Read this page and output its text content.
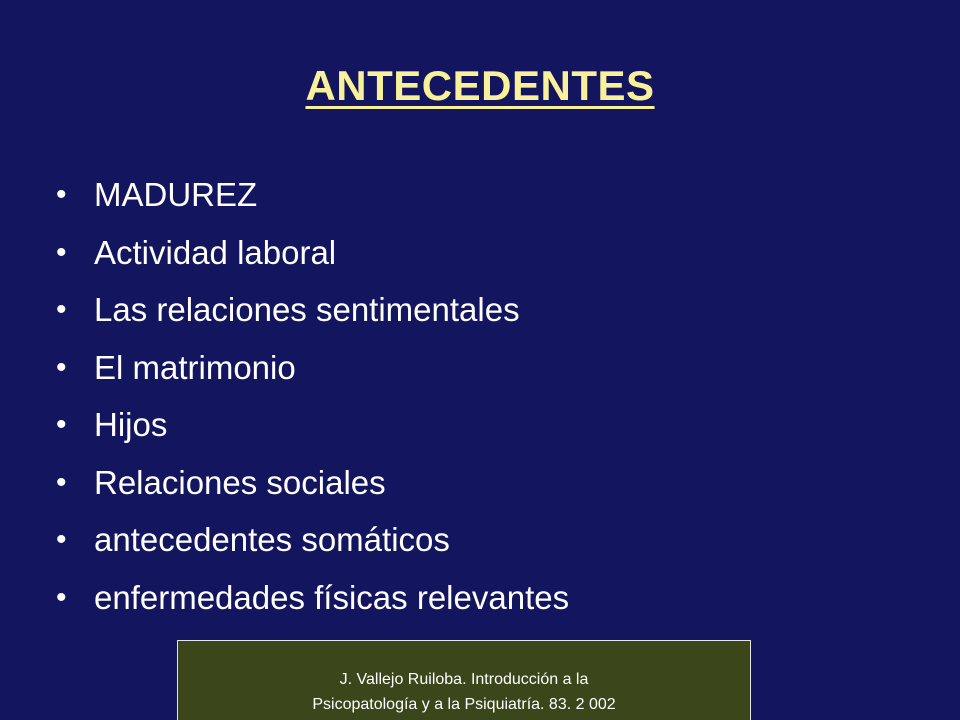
ANTECEDENTES
• MADUREZ
• Actividad laboral
• Las relaciones sentimentales
• El matrimonio
• Hijos
• Relaciones sociales
• antecedentes somáticos
• enfermedades físicas relevantes
J. Vallejo Ruiloba. Introducción a la
Psicopatología y a la Psiquiatría. 83. 2 002
